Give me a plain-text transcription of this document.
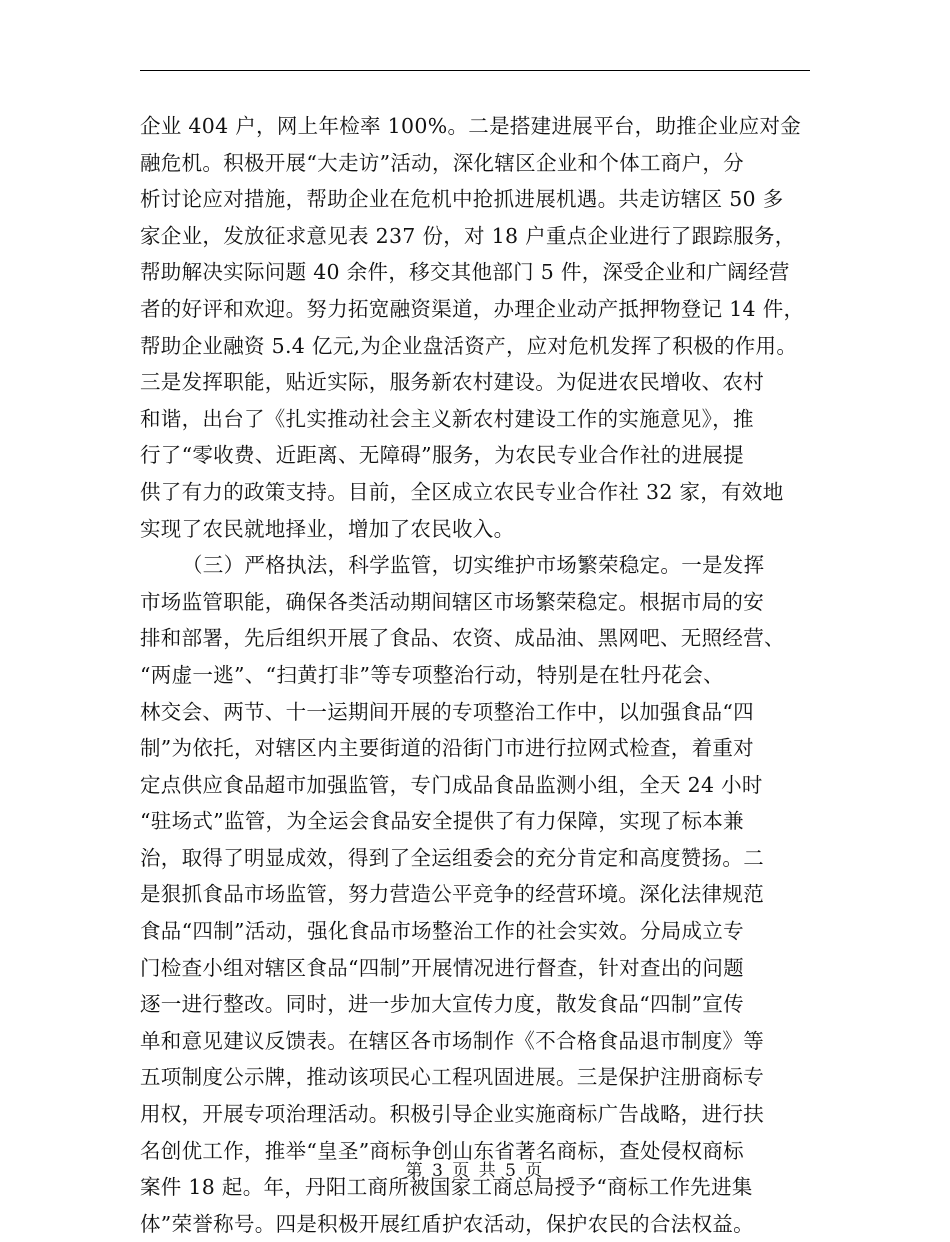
企业 404 户，网上年检率 100%。二是搭建进展平台，助推企业应对金
融危机。积极开展“大走访”活动，深化辖区企业和个体工商户，分
析讨论应对措施，帮助企业在危机中抢抓进展机遇。共走访辖区 50 多
家企业，发放征求意见表 237 份，对 18 户重点企业进行了跟踪服务，
帮助解决实际问题 40 余件，移交其他部门 5 件，深受企业和广阔经营
者的好评和欢迎。努力拓宽融资渠道，办理企业动产抵押物登记 14 件，
帮助企业融资 5.4 亿元,为企业盘活资产，应对危机发挥了积极的作用。
三是发挥职能，贴近实际，服务新农村建设。为促进农民增收、农村
和谐，出台了《扎实推动社会主义新农村建设工作的实施意见》，推
行了“零收费、近距离、无障碍”服务，为农民专业合作社的进展提
供了有力的政策支持。目前，全区成立农民专业合作社 32 家，有效地
实现了农民就地择业，增加了农民收入。
（三）严格执法，科学监管，切实维护市场繁荣稳定。一是发挥
市场监管职能，确保各类活动期间辖区市场繁荣稳定。根据市局的安
排和部署，先后组织开展了食品、农资、成品油、黑网吧、无照经营、
“两虚一逃”、“扫黄打非”等专项整治行动，特别是在牡丹花会、
林交会、两节、十一运期间开展的专项整治工作中，以加强食品“四
制”为依托，对辖区内主要街道的沿街门市进行拉网式检查，着重对
定点供应食品超市加强监管，专门成品食品监测小组，全天 24 小时
“驻场式”监管，为全运会食品安全提供了有力保障，实现了标本兼
治，取得了明显成效，得到了全运组委会的充分肯定和高度赞扬。二
是狠抓食品市场监管，努力营造公平竞争的经营环境。深化法律规范
食品“四制”活动，强化食品市场整治工作的社会实效。分局成立专
门检查小组对辖区食品“四制”开展情况进行督查，针对查出的问题
逐一进行整改。同时，进一步加大宣传力度，散发食品“四制”宣传
单和意见建议反馈表。在辖区各市场制作《不合格食品退市制度》等
五项制度公示牌，推动该项民心工程巩固进展。三是保护注册商标专
用权，开展专项治理活动。积极引导企业实施商标广告战略，进行扶
名创优工作，推举“皇圣”商标争创山东省著名商标，查处侵权商标
案件 18 起。年，丹阳工商所被国家工商总局授予“商标工作先进集
体”荣誉称号。四是积极开展红盾护农活动，保护农民的合法权益。
第 3 页 共 5 页
